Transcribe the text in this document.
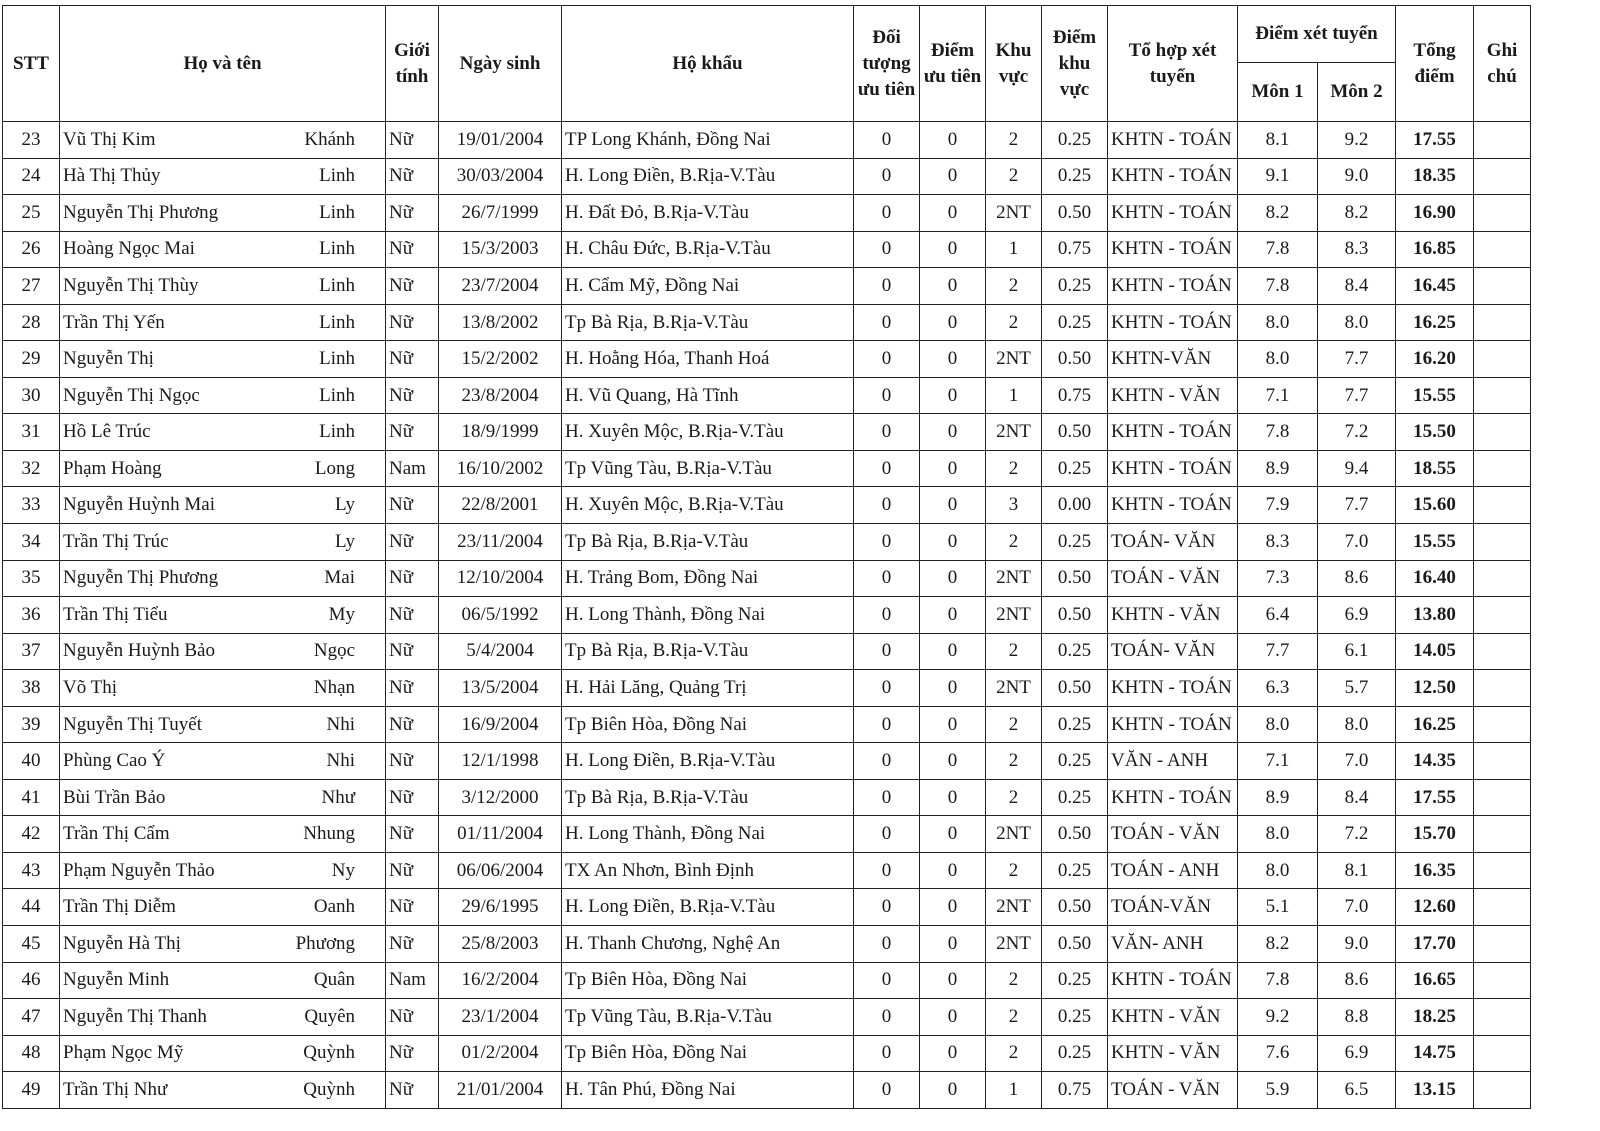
STT	Họ và tên	Giới tính	Ngày sinh	Hộ khẩu	Đối tượng ưu tiên	Điểm ưu tiên	Khu vực	Điểm khu vực	Tổ hợp xét tuyển	Điểm xét tuyển		Tổng điểm	Ghi chú
										Môn 1	Môn 2		
23	Vũ Thị Kim Khánh	Nữ	19/01/2004	TP Long Khánh, Đồng Nai	0	0	2	0.25	KHTN - TOÁN	8.1	9.2	17.55	
24	Hà Thị Thủy Linh	Nữ	30/03/2004	H. Long Điền, B.Rịa-V.Tàu	0	0	2	0.25	KHTN - TOÁN	9.1	9.0	18.35	
25	Nguyễn Thị Phương Linh	Nữ	26/7/1999	H. Đất Đỏ, B.Rịa-V.Tàu	0	0	2NT	0.50	KHTN - TOÁN	8.2	8.2	16.90	
26	Hoàng Ngọc Mai Linh	Nữ	15/3/2003	H. Châu Đức, B.Rịa-V.Tàu	0	0	1	0.75	KHTN - TOÁN	7.8	8.3	16.85	
27	Nguyễn Thị Thùy Linh	Nữ	23/7/2004	H. Cẩm Mỹ, Đồng Nai	0	0	2	0.25	KHTN - TOÁN	7.8	8.4	16.45	
28	Trần Thị Yến Linh	Nữ	13/8/2002	Tp Bà Rịa, B.Rịa-V.Tàu	0	0	2	0.25	KHTN - TOÁN	8.0	8.0	16.25	
29	Nguyễn Thị Linh	Nữ	15/2/2002	H. Hoằng Hóa, Thanh Hoá	0	0	2NT	0.50	KHTN-VĂN	8.0	7.7	16.20	
30	Nguyễn Thị Ngọc Linh	Nữ	23/8/2004	H. Vũ Quang, Hà Tĩnh	0	0	1	0.75	KHTN - VĂN	7.1	7.7	15.55	
31	Hồ Lê Trúc Linh	Nữ	18/9/1999	H. Xuyên Mộc, B.Rịa-V.Tàu	0	0	2NT	0.50	KHTN - TOÁN	7.8	7.2	15.50	
32	Phạm Hoàng Long	Nam	16/10/2002	Tp Vũng Tàu, B.Rịa-V.Tàu	0	0	2	0.25	KHTN - TOÁN	8.9	9.4	18.55	
33	Nguyễn Huỳnh Mai Ly	Nữ	22/8/2001	H. Xuyên Mộc, B.Rịa-V.Tàu	0	0	3	0.00	KHTN - TOÁN	7.9	7.7	15.60	
34	Trần Thị Trúc Ly	Nữ	23/11/2004	Tp Bà Rịa, B.Rịa-V.Tàu	0	0	2	0.25	TOÁN- VĂN	8.3	7.0	15.55	
35	Nguyễn Thị Phương Mai	Nữ	12/10/2004	H. Trảng Bom, Đồng Nai	0	0	2NT	0.50	TOÁN - VĂN	7.3	8.6	16.40	
36	Trần Thị Tiểu My	Nữ	06/5/1992	H. Long Thành, Đồng Nai	0	0	2NT	0.50	KHTN - VĂN	6.4	6.9	13.80	
37	Nguyễn Huỳnh Bảo Ngọc	Nữ	5/4/2004	Tp Bà Rịa, B.Rịa-V.Tàu	0	0	2	0.25	TOÁN- VĂN	7.7	6.1	14.05	
38	Võ Thị Nhạn	Nữ	13/5/2004	H. Hải Lăng, Quảng Trị	0	0	2NT	0.50	KHTN - TOÁN	6.3	5.7	12.50	
39	Nguyễn Thị Tuyết Nhi	Nữ	16/9/2004	Tp Biên Hòa, Đồng Nai	0	0	2	0.25	KHTN - TOÁN	8.0	8.0	16.25	
40	Phùng Cao Ý Nhi	Nữ	12/1/1998	H. Long Điền, B.Rịa-V.Tàu	0	0	2	0.25	VĂN - ANH	7.1	7.0	14.35	
41	Bùi Trần Bảo Như	Nữ	3/12/2000	Tp Bà Rịa, B.Rịa-V.Tàu	0	0	2	0.25	KHTN - TOÁN	8.9	8.4	17.55	
42	Trần Thị Cẩm Nhung	Nữ	01/11/2004	H. Long Thành, Đồng Nai	0	0	2NT	0.50	TOÁN - VĂN	8.0	7.2	15.70	
43	Phạm Nguyễn Thảo Ny	Nữ	06/06/2004	TX An Nhơn, Bình Định	0	0	2	0.25	TOÁN - ANH	8.0	8.1	16.35	
44	Trần Thị Diễm Oanh	Nữ	29/6/1995	H. Long Điền, B.Rịa-V.Tàu	0	0	2NT	0.50	TOÁN-VĂN	5.1	7.0	12.60	
45	Nguyễn Hà Thị Phương	Nữ	25/8/2003	H. Thanh Chương, Nghệ An	0	0	2NT	0.50	VĂN- ANH	8.2	9.0	17.70	
46	Nguyễn Minh Quân	Nam	16/2/2004	Tp Biên Hòa, Đồng Nai	0	0	2	0.25	KHTN - TOÁN	7.8	8.6	16.65	
47	Nguyễn Thị Thanh Quyên	Nữ	23/1/2004	Tp Vũng Tàu, B.Rịa-V.Tàu	0	0	2	0.25	KHTN - VĂN	9.2	8.8	18.25	
48	Phạm Ngọc Mỹ Quỳnh	Nữ	01/2/2004	Tp Biên Hòa, Đồng Nai	0	0	2	0.25	KHTN - VĂN	7.6	6.9	14.75	
49	Trần Thị Như Quỳnh	Nữ	21/01/2004	H. Tân Phú, Đồng Nai	0	0	1	0.75	TOÁN - VĂN	5.9	6.5	13.15	
